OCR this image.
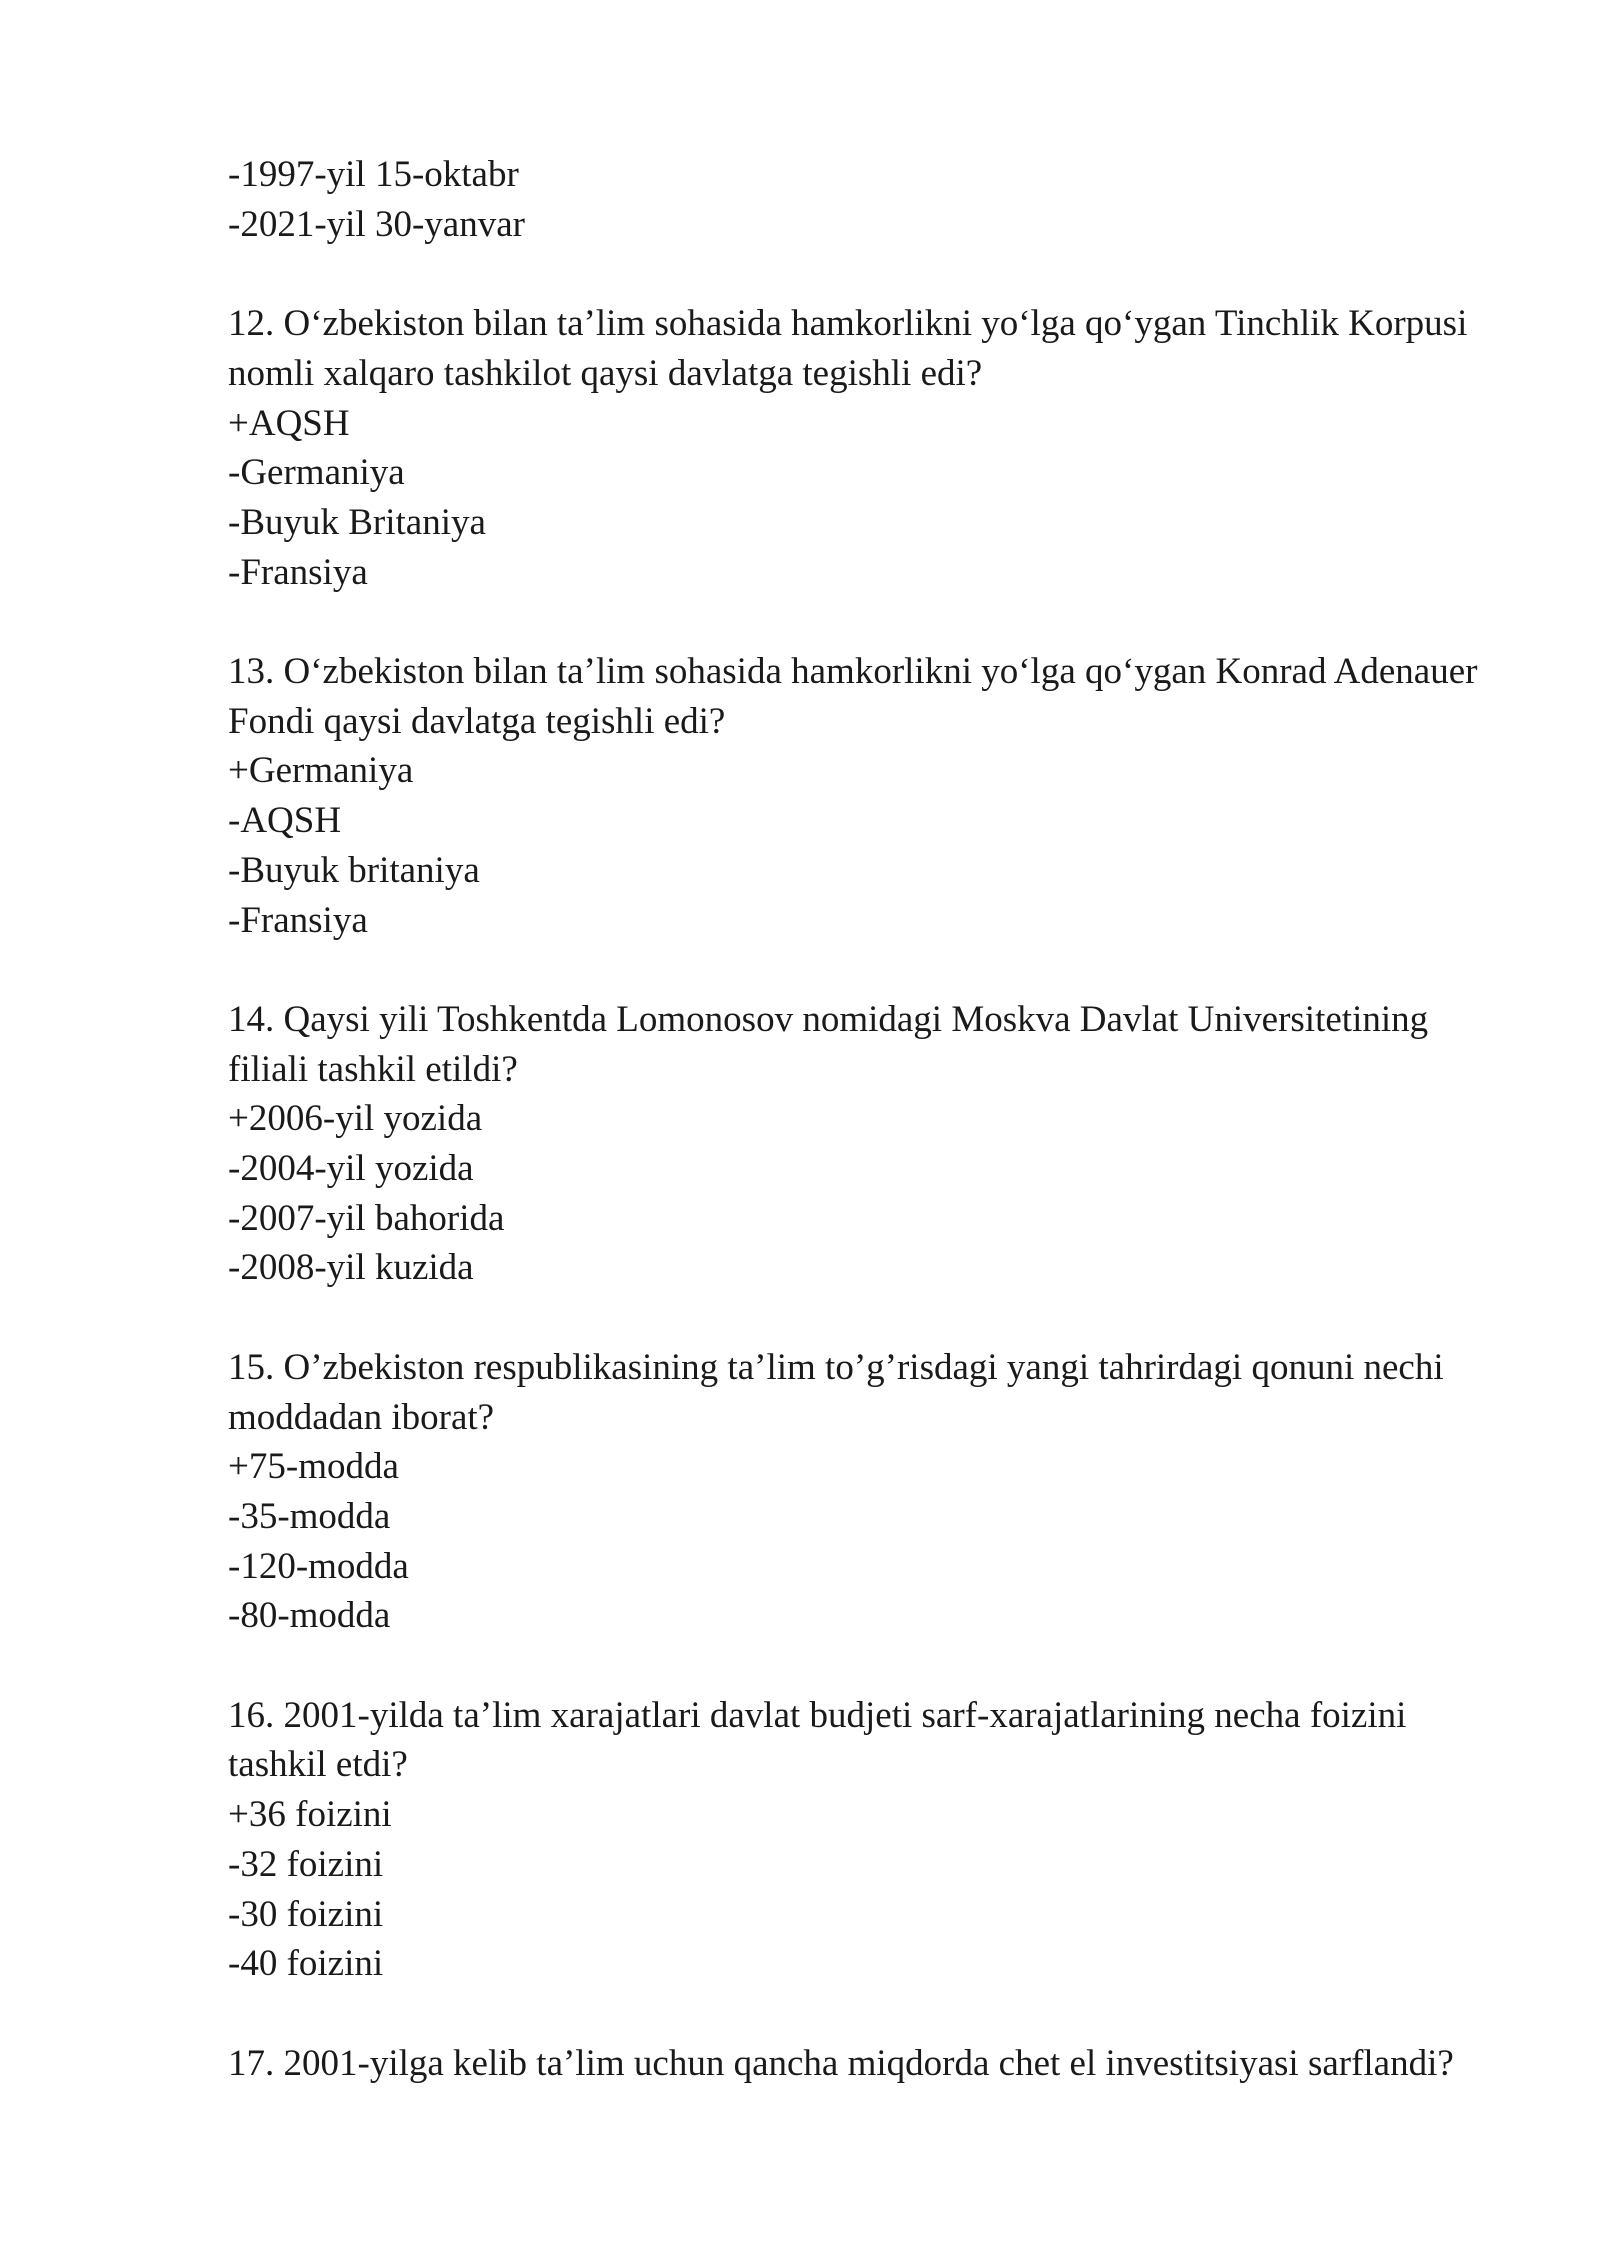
-1997-yil 15-oktabr
-2021-yil 30-yanvar
12. O‘zbekiston bilan ta’lim sohasida hamkorlikni yo‘lga qo‘ygan Tinchlik Korpusi nomli xalqaro tashkilot qaysi davlatga tegishli edi?
+AQSH
-Germaniya
-Buyuk Britaniya
-Fransiya
13. O‘zbekiston bilan ta’lim sohasida hamkorlikni yo‘lga qo‘ygan Konrad Adenauer Fondi qaysi davlatga tegishli edi?
+Germaniya
-AQSH
-Buyuk britaniya
-Fransiya
14. Qaysi yili Toshkentda Lomonosov nomidagi Moskva Davlat Universitetining filiali tashkil etildi?
+2006-yil yozida
-2004-yil yozida
-2007-yil bahorida
-2008-yil kuzida
15. O’zbekiston respublikasining ta’lim to’g’risdagi yangi tahrirdagi qonuni nechi moddadan iborat?
+75-modda
-35-modda
-120-modda
-80-modda
16. 2001-yilda ta’lim xarajatlari davlat budjeti sarf-xarajatlarining necha foizini tashkil etdi?
+36 foizini
-32 foizini
-30 foizini
-40 foizini
17. 2001-yilga kelib ta’lim uchun qancha miqdorda chet el investitsiyasi sarflandi?
